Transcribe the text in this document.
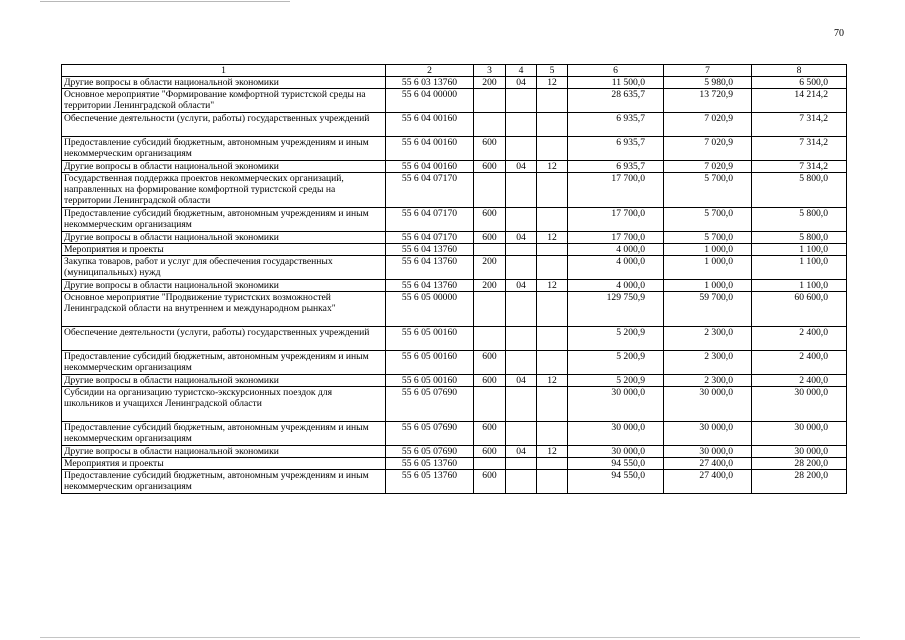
70
1	2	3	4	5	6	7	8
Другие вопросы в области национальной экономики	55 6 03 13760	200	04	12	11 500,0	5 980,0	6 500,0
Основное мероприятие "Формирование комфортной туристской среды на территории Ленинградской области"	55 6 04 00000				28 635,7	13 720,9	14 214,2
Обеспечение деятельности (услуги, работы) государственных учреждений	55 6 04 00160				6 935,7	7 020,9	7 314,2
Предоставление субсидий бюджетным, автономным учреждениям и иным некоммерческим организациям	55 6 04 00160	600			6 935,7	7 020,9	7 314,2
Другие вопросы в области национальной экономики	55 6 04 00160	600	04	12	6 935,7	7 020,9	7 314,2
Государственная поддержка проектов некоммерческих организаций, направленных на формирование комфортной туристской среды на территории Ленинградской области	55 6 04 07170				17 700,0	5 700,0	5 800,0
Предоставление субсидий бюджетным, автономным учреждениям и иным некоммерческим организациям	55 6 04 07170	600			17 700,0	5 700,0	5 800,0
Другие вопросы в области национальной экономики	55 6 04 07170	600	04	12	17 700,0	5 700,0	5 800,0
Мероприятия и проекты	55 6 04 13760				4 000,0	1 000,0	1 100,0
Закупка товаров, работ и услуг для обеспечения государственных (муниципальных) нужд	55 6 04 13760	200			4 000,0	1 000,0	1 100,0
Другие вопросы в области национальной экономики	55 6 04 13760	200	04	12	4 000,0	1 000,0	1 100,0
Основное мероприятие "Продвижение туристских возможностей Ленинградской области на внутреннем и международном рынках"	55 6 05 00000				129 750,9	59 700,0	60 600,0
Обеспечение деятельности (услуги, работы) государственных учреждений	55 6 05 00160				5 200,9	2 300,0	2 400,0
Предоставление субсидий бюджетным, автономным учреждениям и иным некоммерческим организациям	55 6 05 00160	600			5 200,9	2 300,0	2 400,0
Другие вопросы в области национальной экономики	55 6 05 00160	600	04	12	5 200,9	2 300,0	2 400,0
Субсидии на организацию туристско-экскурсионных поездок для школьников и учащихся Ленинградской области	55 6 05 07690				30 000,0	30 000,0	30 000,0
Предоставление субсидий бюджетным, автономным учреждениям и иным некоммерческим организациям	55 6 05 07690	600			30 000,0	30 000,0	30 000,0
Другие вопросы в области национальной экономики	55 6 05 07690	600	04	12	30 000,0	30 000,0	30 000,0
Мероприятия и проекты	55 6 05 13760				94 550,0	27 400,0	28 200,0
Предоставление субсидий бюджетным, автономным учреждениям и иным некоммерческим организациям	55 6 05 13760	600			94 550,0	27 400,0	28 200,0
